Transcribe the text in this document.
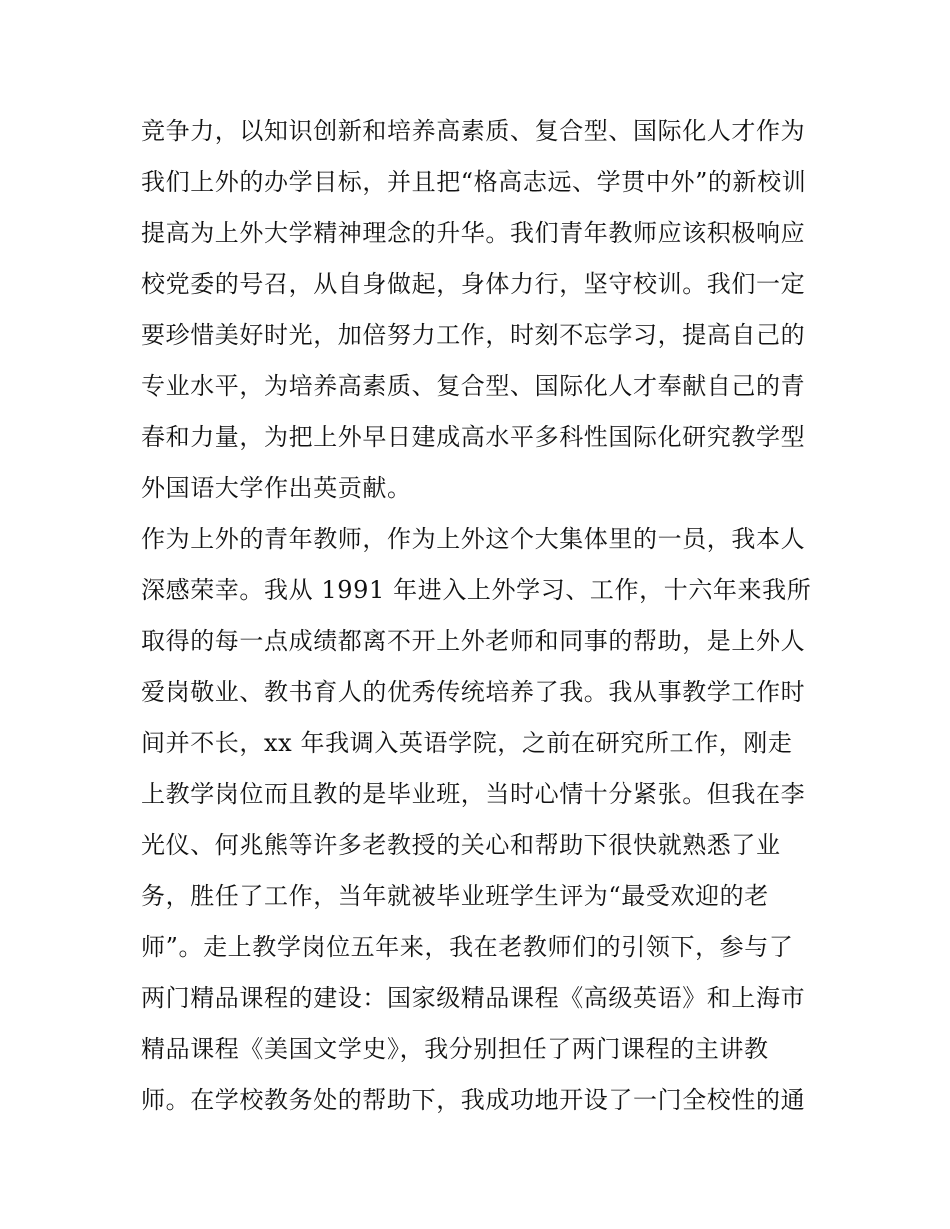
竞争力，以知识创新和培养高素质、复合型、国际化人才作为
我们上外的办学目标，并且把“格高志远、学贯中外”的新校训
提高为上外大学精神理念的升华。我们青年教师应该积极响应
校党委的号召，从自身做起，身体力行，坚守校训。我们一定
要珍惜美好时光，加倍努力工作，时刻不忘学习，提高自己的
专业水平，为培养高素质、复合型、国际化人才奉献自己的青
春和力量，为把上外早日建成高水平多科性国际化研究教学型
外国语大学作出英贡献。
作为上外的青年教师，作为上外这个大集体里的一员，我本人
深感荣幸。我从 1991 年进入上外学习、工作，十六年来我所
取得的每一点成绩都离不开上外老师和同事的帮助，是上外人
爱岗敬业、教书育人的优秀传统培养了我。我从事教学工作时
间并不长，xx 年我调入英语学院，之前在研究所工作，刚走
上教学岗位而且教的是毕业班，当时心情十分紧张。但我在李
光仪、何兆熊等许多老教授的关心和帮助下很快就熟悉了业
务，胜任了工作，当年就被毕业班学生评为“最受欢迎的老
师”。走上教学岗位五年来，我在老教师们的引领下，参与了
两门精品课程的建设：国家级精品课程《高级英语》和上海市
精品课程《美国文学史》，我分别担任了两门课程的主讲教
师。在学校教务处的帮助下，我成功地开设了一门全校性的通
